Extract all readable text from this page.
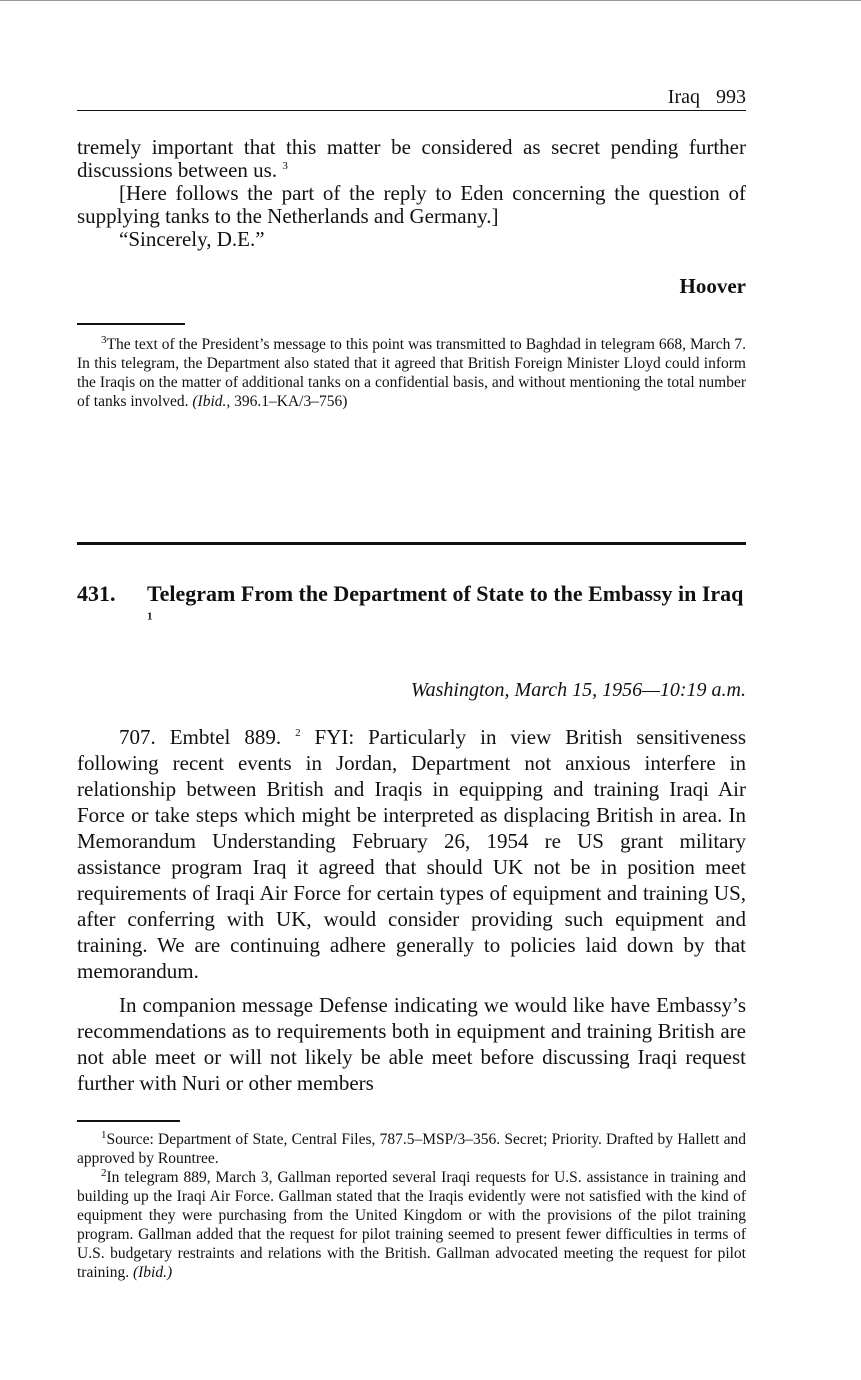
Iraq 993

tremely important that this matter be considered as secret pending further discussions between us. $^3$

[Here follows the part of the reply to Eden concerning the question of supplying tanks to the Netherlands and Germany.]

“Sincerely, D.E.”

Hoover

$^3$The text of the President’s message to this point was transmitted to Baghdad in telegram 668, March 7. In this telegram, the Department also stated that it agreed that British Foreign Minister Lloyd could inform the Iraqis on the matter of additional tanks on a confidential basis, and without mentioning the total number of tanks involved. (Ibid., 396.1–KA/3–756)

431. Telegram From the Department of State to the Embassy in Iraq $^1$
Washington, March 15, 1956—10:19 a.m.

707. Embtel 889. $^2$ FYI: Particularly in view British sensitiveness following recent events in Jordan, Department not anxious interfere in relationship between British and Iraqis in equipping and training Iraqi Air Force or take steps which might be interpreted as displacing British in area. In Memorandum Understanding February 26, 1954 re US grant military assistance program Iraq it agreed that should UK not be in position meet requirements of Iraqi Air Force for certain types of equipment and training US, after conferring with UK, would consider providing such equipment and training. We are continuing adhere generally to policies laid down by that memorandum.

In companion message Defense indicating we would like have Embassy’s recommendations as to requirements both in equipment and training British are not able meet or will not likely be able meet before discussing Iraqi request further with Nuri or other members

$^1$Source: Department of State, Central Files, 787.5–MSP/3–356. Secret; Priority. Drafted by Hallett and approved by Rountree.

$^2$In telegram 889, March 3, Gallman reported several Iraqi requests for U.S. assistance in training and building up the Iraqi Air Force. Gallman stated that the Iraqis evidently were not satisfied with the kind of equipment they were purchasing from the United Kingdom or with the provisions of the pilot training program. Gallman added that the request for pilot training seemed to present fewer difficulties in terms of U.S. budgetary restraints and relations with the British. Gallman advocated meeting the request for pilot training. (Ibid.)
